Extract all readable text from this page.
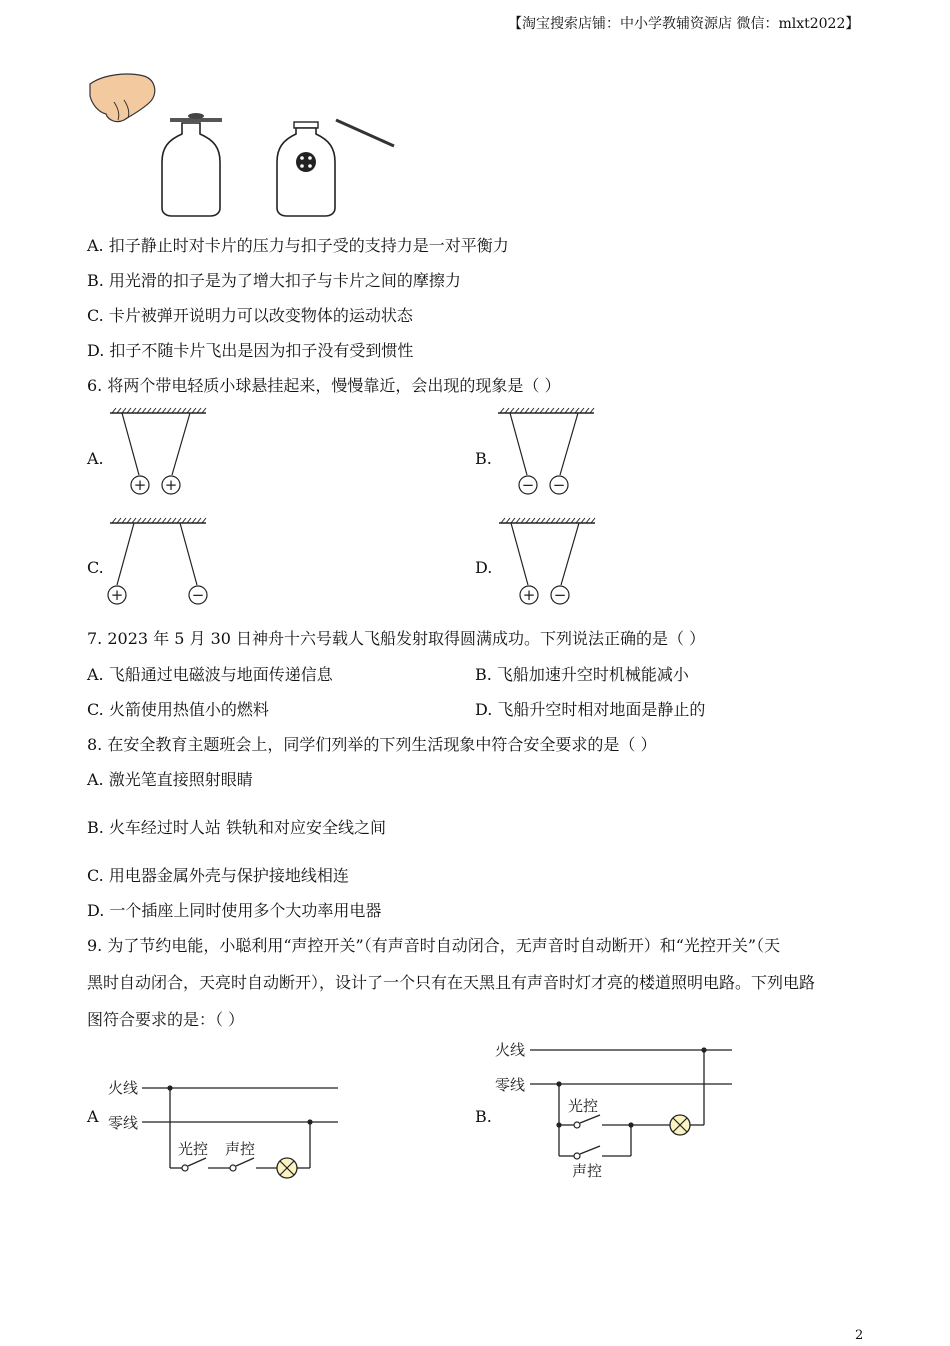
【淘宝搜索店铺：中小学教辅资源店 微信：mlxt2022】
A. 扣子静止时对卡片的压力与扣子受的支持力是一对平衡力
B. 用光滑的扣子是为了增大扣子与卡片之间的摩擦力
C. 卡片被弹开说明力可以改变物体的运动状态
D. 扣子不随卡片飞出是因为扣子没有受到惯性
6. 将两个带电轻质小球悬挂起来，慢慢靠近，会出现的现象是（ ）
A.	B.
C.	D.
+ +	− −
+	−	+ −
7. 2023 年 5 月 30 日神舟十六号载人飞船发射取得圆满成功。下列说法正确的是（ ）
A. 飞船通过电磁波与地面传递信息	B. 飞船加速升空时机械能减小
C. 火箭使用热值小的燃料	D. 飞船升空时相对地面是静止的
8. 在安全教育主题班会上，同学们列举的下列生活现象中符合安全要求的是（ ）
A. 激光笔直接照射眼睛
B. 火车经过时人站 铁轨和对应安全线之间
C. 用电器金属外壳与保护接地线相连
D. 一个插座上同时使用多个大功率用电器
9. 为了节约电能，小聪利用“声控开关”（有声音时自动闭合，无声音时自动断开）和“光控开关”（天
黑时自动闭合，天亮时自动断开），设计了一个只有在天黑且有声音时灯才亮的楼道照明电路。下列电路
图符合要求的是：（ ）
A	B.
火线
零线
光控 声控
火线
零线
光控
声控
2
